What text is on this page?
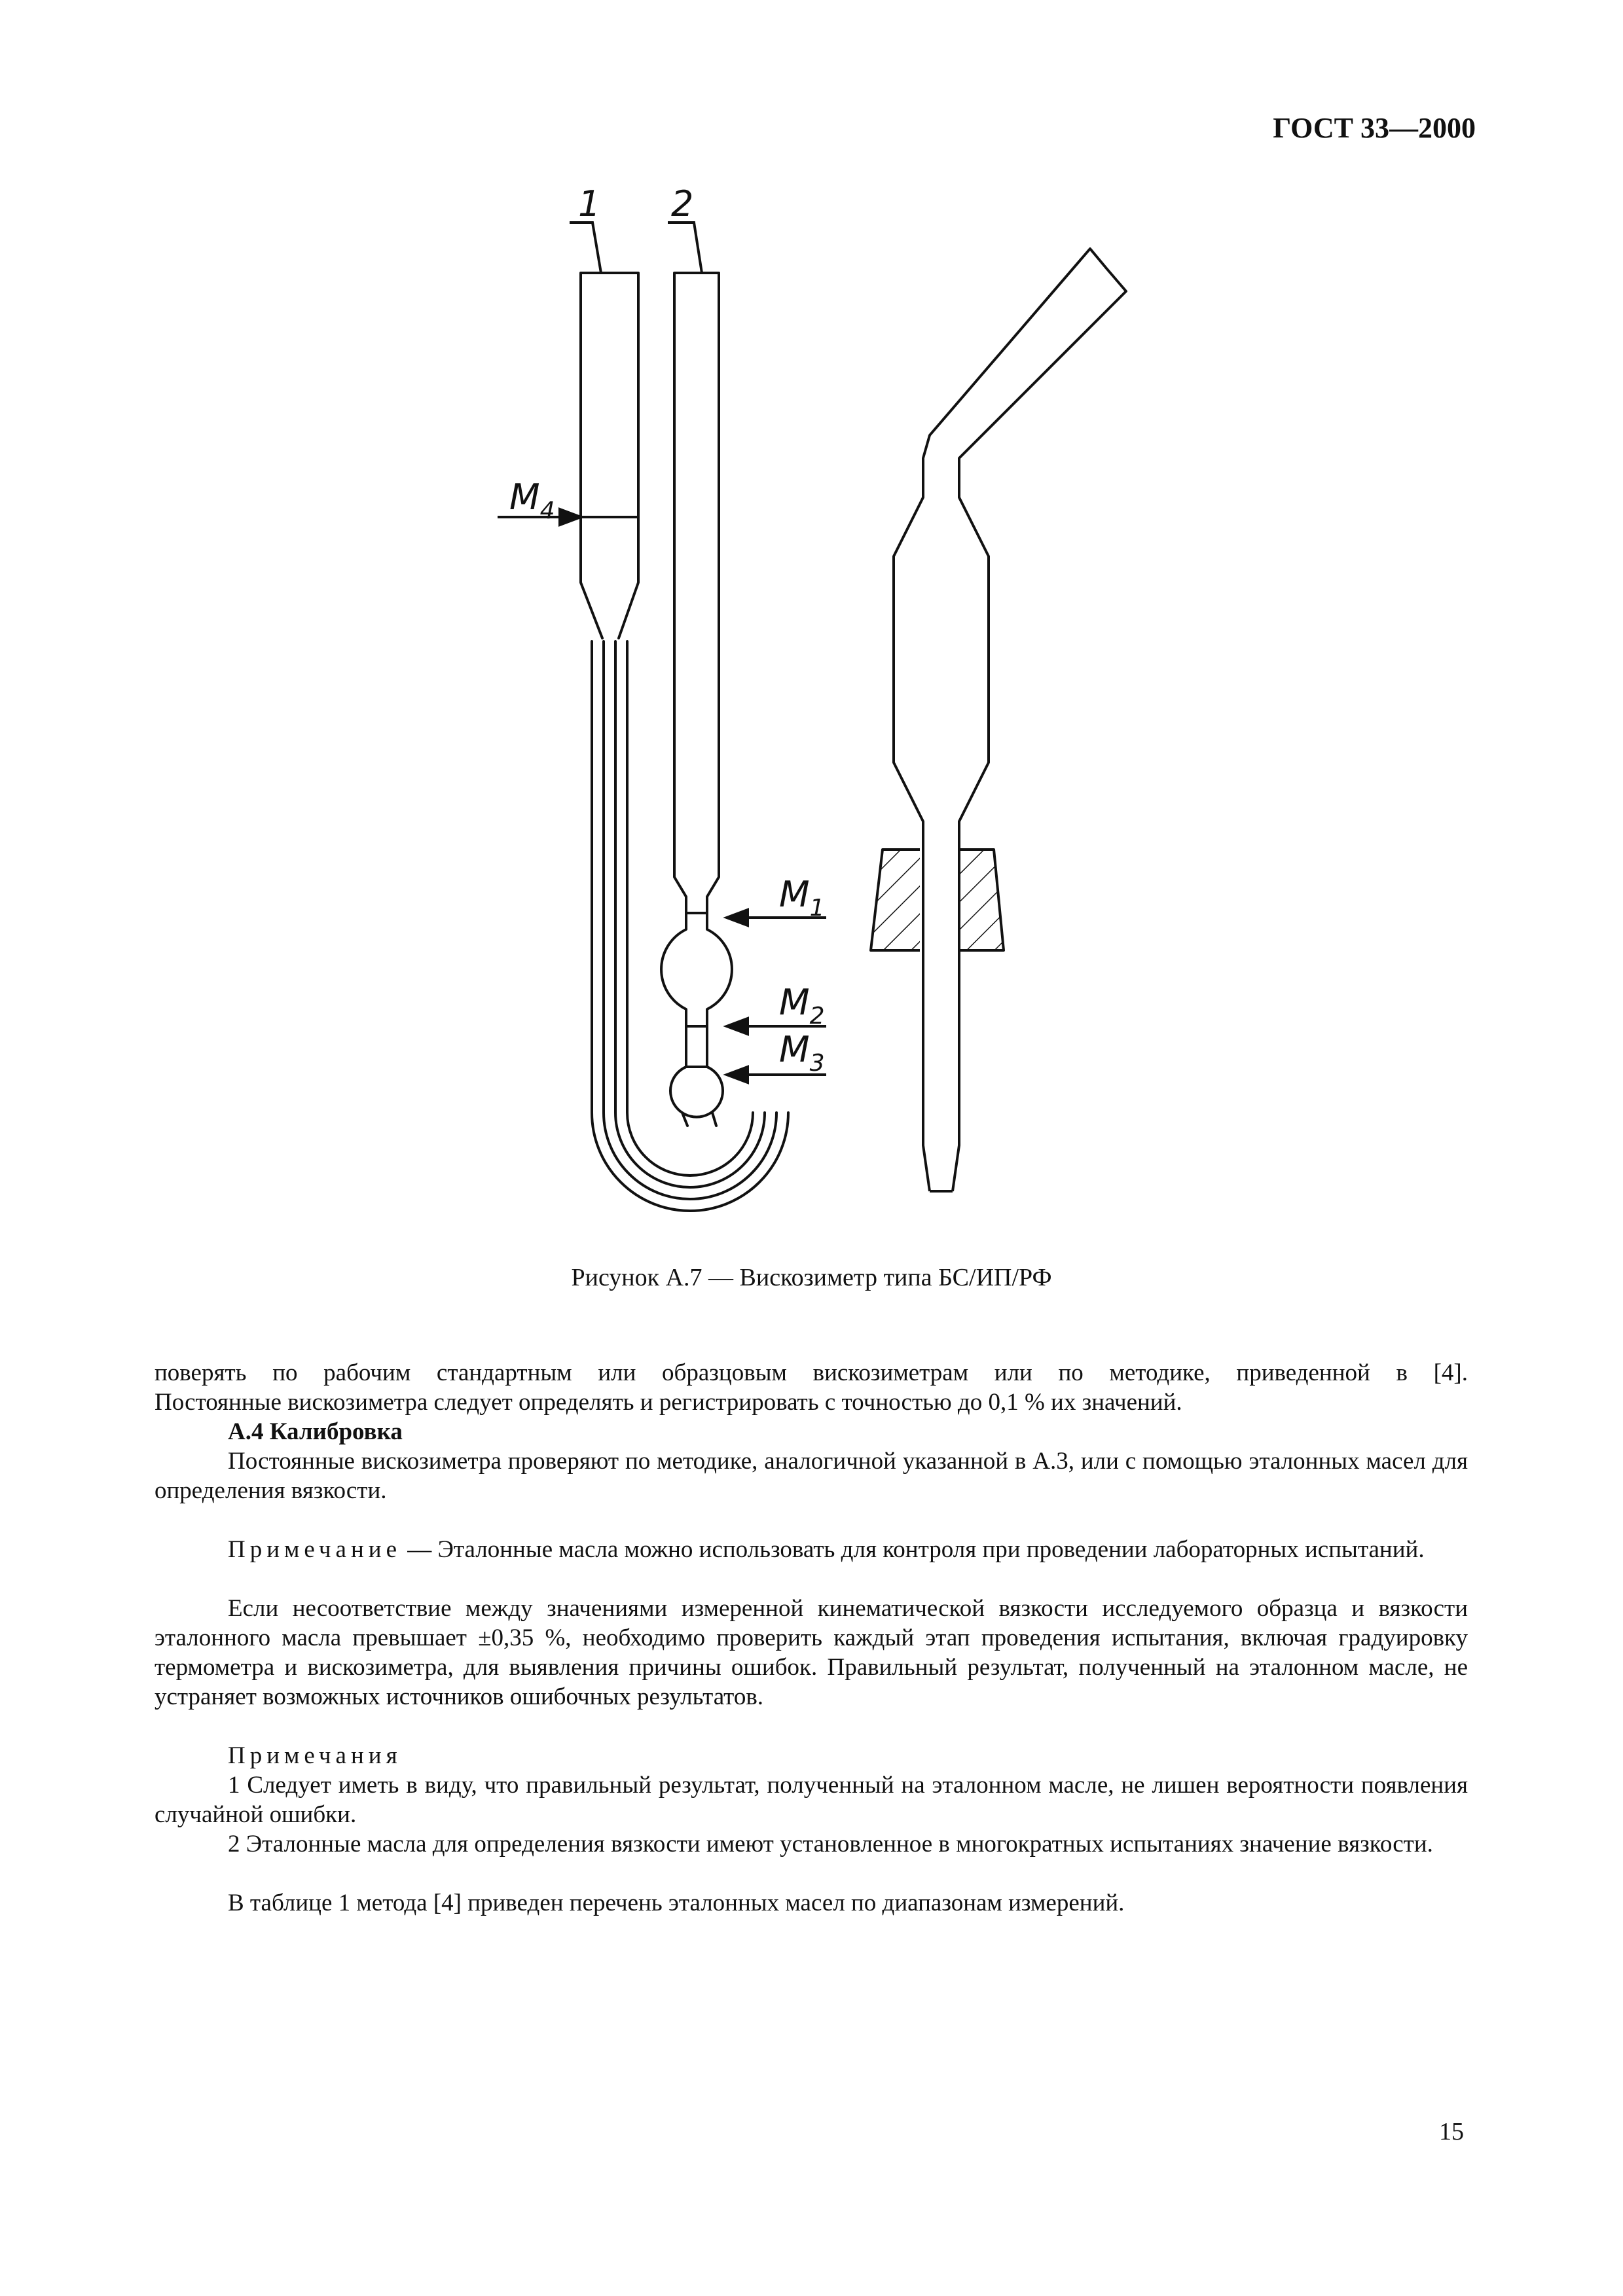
ГОСТ 33—2000
1 2
$M_4$
$M_1$
$M_2$
$M_3$
Рисунок А.7 — Вискозиметр типа БС/ИП/РФ

поверять по рабочим стандартным или образцовым вискозиметрам или по методике, приведенной в [4].

Постоянные вискозиметра следует определять и регистрировать с точностью до 0,1 % их значений.

А.4 Калибровка

Постоянные вискозиметра проверяют по методике, аналогичной указанной в А.3, или с помощью эталонных масел для определения вязкости.

Примечание — Эталонные масла можно использовать для контроля при проведении лабораторных испытаний.

Если несоответствие между значениями измеренной кинематической вязкости исследуемого образца и вязкости эталонного масла превышает ±0,35 %, необходимо проверить каждый этап проведения испытания, включая градуировку термометра и вискозиметра, для выявления причины ошибок. Правильный результат, полученный на эталонном масле, не устраняет возможных источников ошибочных результатов.

Примечания

1 Следует иметь в виду, что правильный результат, полученный на эталонном масле, не лишен вероятности появления случайной ошибки.

2 Эталонные масла для определения вязкости имеют установленное в многократных испытаниях значение вязкости.

В таблице 1 метода [4] приведен перечень эталонных масел по диапазонам измерений.

15
